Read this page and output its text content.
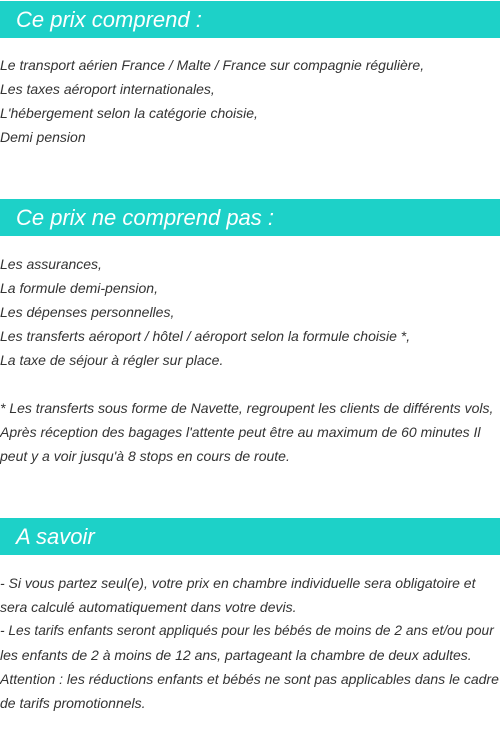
Ce prix comprend :
Le transport aérien France / Malte / France sur compagnie régulière,
Les taxes aéroport internationales,
L'hébergement selon la catégorie choisie,
Demi pension
Ce prix ne comprend pas :
Les assurances,
La formule demi-pension,
Les dépenses personnelles,
Les transferts aéroport / hôtel / aéroport selon la formule choisie *,
La taxe de séjour à régler sur place.
* Les transferts sous forme de Navette, regroupent les clients de différents vols,
Après réception des bagages l'attente peut être au maximum de 60 minutes Il
peut y a voir jusqu'à 8 stops en cours de route.
A savoir
- Si vous partez seul(e), votre prix en chambre individuelle sera obligatoire et
sera calculé automatiquement dans votre devis.
- Les tarifs enfants seront appliqués pour les bébés de moins de 2 ans et/ou pour
les enfants de 2 à moins de 12 ans, partageant la chambre de deux adultes.
Attention : les réductions enfants et bébés ne sont pas applicables dans le cadre
de tarifs promotionnels.
